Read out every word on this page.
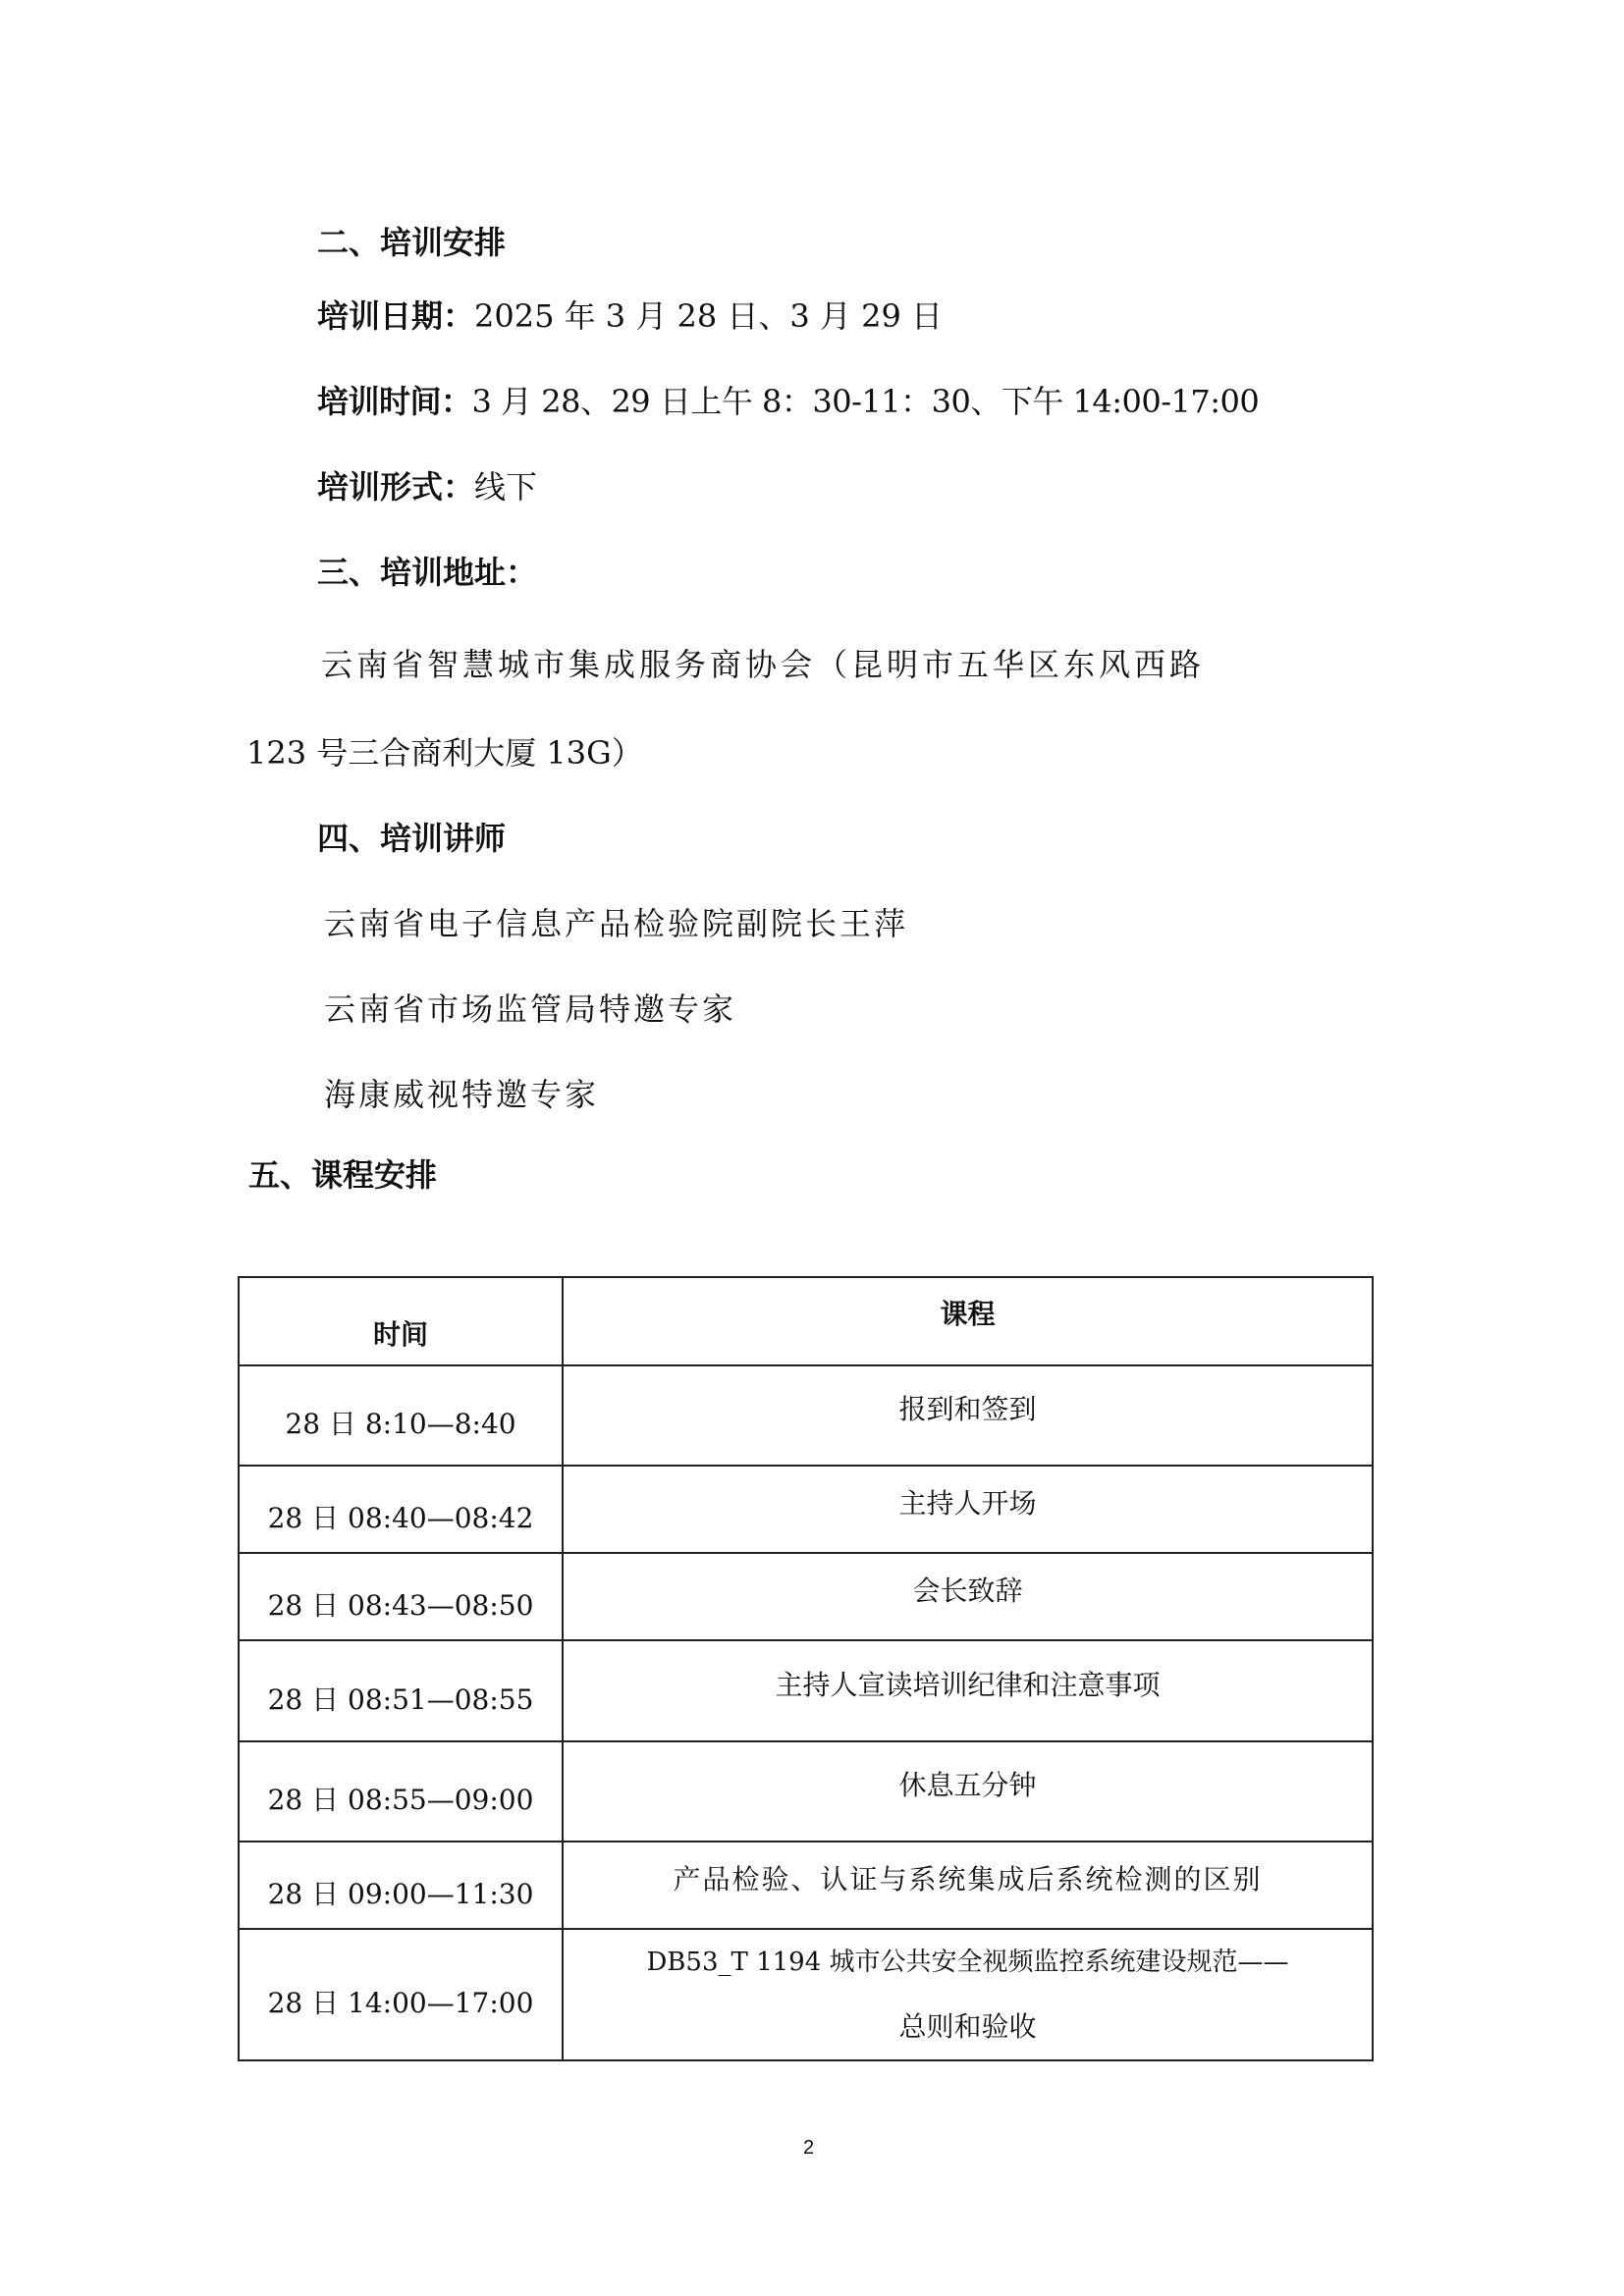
二、培训安排
培训日期：2025 年 3 月 28 日、3 月 29 日
培训时间：3 月 28、29 日上午 8：30-11：30、下午 14:00-17:00
培训形式：线下
三、培训地址：
云南省智慧城市集成服务商协会（昆明市五华区东风西路
123 号三合商利大厦 13G）
四、培训讲师
云南省电子信息产品检验院副院长王萍
云南省市场监管局特邀专家
海康威视特邀专家
五、课程安排
时间	课程
28 日 8:10—8:40	报到和签到
28 日 08:40—08:42	主持人开场
28 日 08:43—08:50	会长致辞
28 日 08:51—08:55	主持人宣读培训纪律和注意事项
28 日 08:55—09:00	休息五分钟
28 日 09:00—11:30	产品检验、认证与系统集成后系统检测的区别
28 日 14:00—17:00	DB53_T 1194 城市公共安全视频监控系统建设规范——
总则和验收
2
